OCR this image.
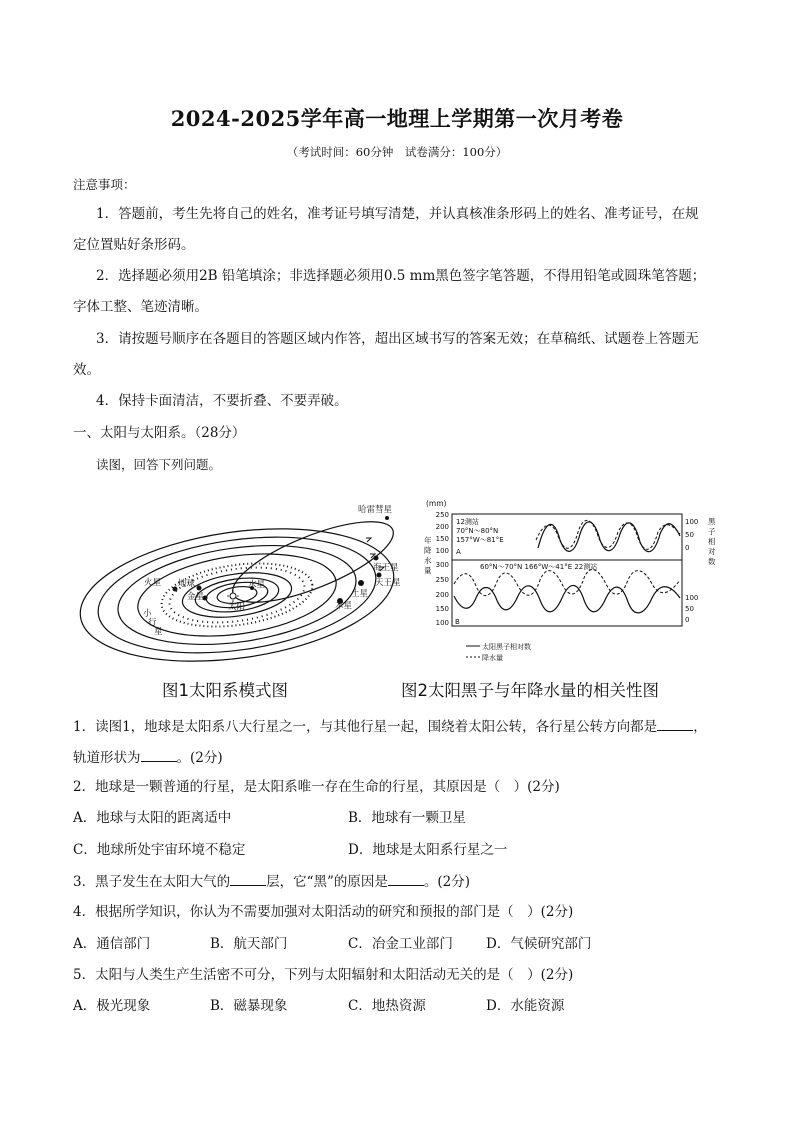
2024-2025学年高一地理上学期第一次月考卷
（考试时间：60分钟　试卷满分：100分）
注意事项：
1．答题前，考生先将自己的姓名，准考证号填写清楚，并认真核准条形码上的姓名、准考证号，在规
定位置贴好条形码。
2．选择题必须用2B 铅笔填涂；非选择题必须用0.5 mm黑色签字笔答题，不得用铅笔或圆珠笔答题；
字体工整、笔迹清晰。
3．请按题号顺序在各题目的答题区域内作答，超出区域书写的答案无效；在草稿纸、试题卷上答题无
效。
4．保持卡面清洁，不要折叠、不要弄破。
一、太阳与太阳系。（28分）
读图，回答下列问题。
哈雷彗星
水星
金星
地球
火星
太阳
小
行
星
木星
土星
天王星
海王星
(mm)
年
降
水
量
黑
子
相
对
数
250
200
150
100
100
50
0
12测站
70°N～80°N
157°W～81°E
A
300
250
200
150
100
100
50
0
60°N～70°N 166°W～41°E 22测站
B
太阳黑子相对数
降水量
图1太阳系模式图	图2太阳黑子与年降水量的相关性图
1．读图1，地球是太阳系八大行星之一，与其他行星一起，围绕着太阳公转，各行星公转方向都是	，
轨道形状为	。(2分)
2．地球是一颗普通的行星，是太阳系唯一存在生命的行星，其原因是（　）(2分)
A．地球与太阳的距离适中	B．地球有一颗卫星
C．地球所处宇宙环境不稳定	D．地球是太阳系行星之一
3．黑子发生在太阳大气的	层，它“黑”的原因是	。(2分)
4．根据所学知识，你认为不需要加强对太阳活动的研究和预报的部门是（　）(2分)
A．通信部门	B．航天部门	C．冶金工业部门 D．气候研究部门
5．太阳与人类生产生活密不可分，下列与太阳辐射和太阳活动无关的是（　）(2分)
A．极光现象	B．磁暴现象	C．地热资源	D．水能资源
